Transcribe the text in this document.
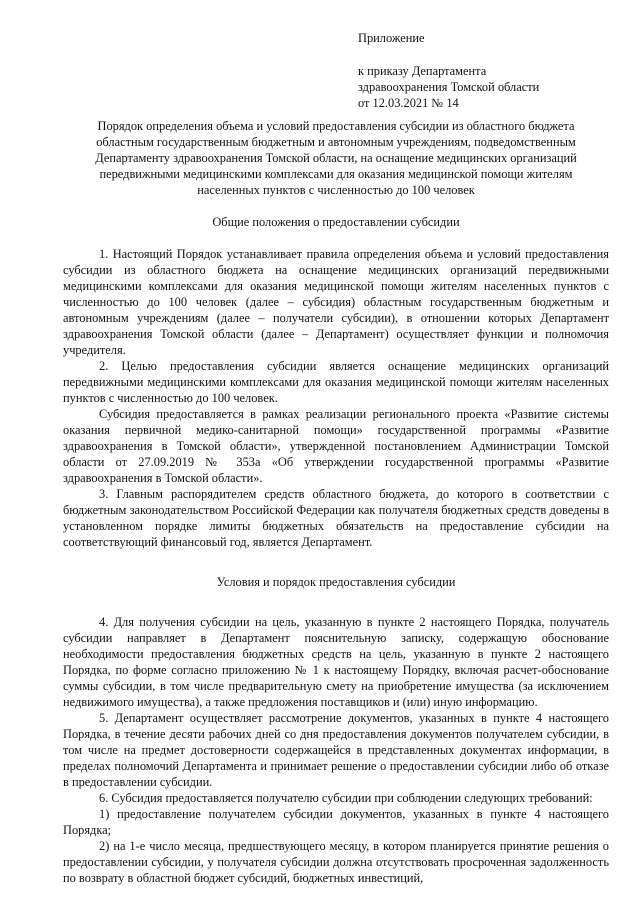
Приложение
к приказу Департамента
здравоохранения Томской области
от 12.03.2021 № 14

Порядок определения объема и условий предоставления субсидии из областного бюджета областным государственным бюджетным и автономным учреждениям, подведомственным Департаменту здравоохранения Томской области, на оснащение медицинских организаций передвижными медицинскими комплексами для оказания медицинской помощи жителям населенных пунктов с численностью до 100 человек

Общие положения о предоставлении субсидии

1. Настоящий Порядок устанавливает правила определения объема и условий предоставления субсидии из областного бюджета на оснащение медицинских организаций передвижными медицинскими комплексами для оказания медицинской помощи жителям населенных пунктов с численностью до 100 человек (далее – субсидия) областным государственным бюджетным и автономным учреждениям (далее – получатели субсидии), в отношении которых Департамент здравоохранения Томской области (далее – Департамент) осуществляет функции и полномочия учредителя.

2. Целью предоставления субсидии является оснащение медицинских организаций передвижными медицинскими комплексами для оказания медицинской помощи жителям населенных пунктов с численностью до 100 человек.

Субсидия предоставляется в рамках реализации регионального проекта «Развитие системы оказания первичной медико-санитарной помощи» государственной программы «Развитие здравоохранения в Томской области», утвержденной постановлением Администрации Томской области от 27.09.2019 № 353а «Об утверждении государственной программы «Развитие здравоохранения в Томской области».

3. Главным распорядителем средств областного бюджета, до которого в соответствии с бюджетным законодательством Российской Федерации как получателя бюджетных средств доведены в установленном порядке лимиты бюджетных обязательств на предоставление субсидии на соответствующий финансовый год, является Департамент.

Условия и порядок предоставления субсидии

4. Для получения субсидии на цель, указанную в пункте 2 настоящего Порядка, получатель субсидии направляет в Департамент пояснительную записку, содержащую обоснование необходимости предоставления бюджетных средств на цель, указанную в пункте 2 настоящего Порядка, по форме согласно приложению № 1 к настоящему Порядку, включая расчет-обоснование суммы субсидии, в том числе предварительную смету на приобретение имущества (за исключением недвижимого имущества), а также предложения поставщиков и (или) иную информацию.

5. Департамент осуществляет рассмотрение документов, указанных в пункте 4 настоящего Порядка, в течение десяти рабочих дней со дня предоставления документов получателем субсидии, в том числе на предмет достоверности содержащейся в представленных документах информации, в пределах полномочий Департамента и принимает решение о предоставлении субсидии либо об отказе в предоставлении субсидии.

6. Субсидия предоставляется получателю субсидии при соблюдении следующих требований:

1) предоставление получателем субсидии документов, указанных в пункте 4 настоящего Порядка;

2) на 1-е число месяца, предшествующего месяцу, в котором планируется принятие решения о предоставлении субсидии, у получателя субсидии должна отсутствовать просроченная задолженность по возврату в областной бюджет субсидий, бюджетных инвестиций,
